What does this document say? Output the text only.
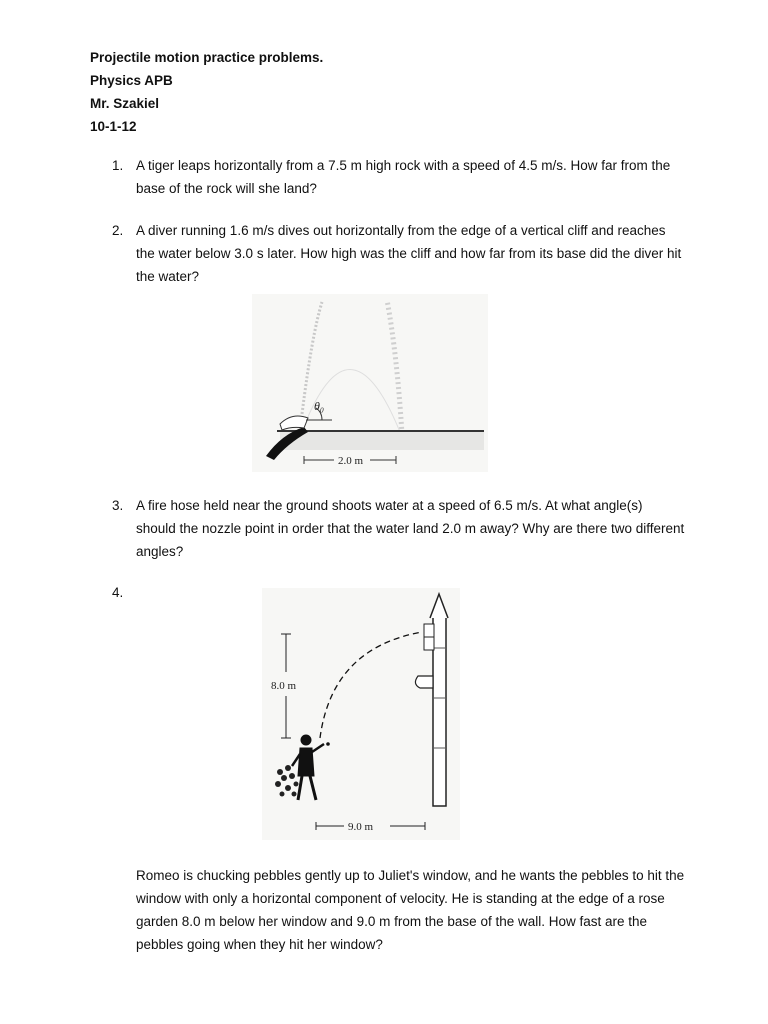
Projectile motion practice problems.
Physics APB
Mr. Szakiel
10-1-12
1. A tiger leaps horizontally from a 7.5 m high rock with a speed of 4.5 m/s. How far from the base of the rock will she land?
2. A diver running 1.6 m/s dives out horizontally from the edge of a vertical cliff and reaches the water below 3.0 s later. How high was the cliff and how far from its base did the diver hit the water?
θ₀
2.0 m
3. A fire hose held near the ground shoots water at a speed of 6.5 m/s. At what angle(s) should the nozzle point in order that the water land 2.0 m away? Why are there two different angles?
4.
8.0 m
9.0 m
Romeo is chucking pebbles gently up to Juliet's window, and he wants the pebbles to hit the window with only a horizontal component of velocity. He is standing at the edge of a rose garden 8.0 m below her window and 9.0 m from the base of the wall. How fast are the pebbles going when they hit her window?
